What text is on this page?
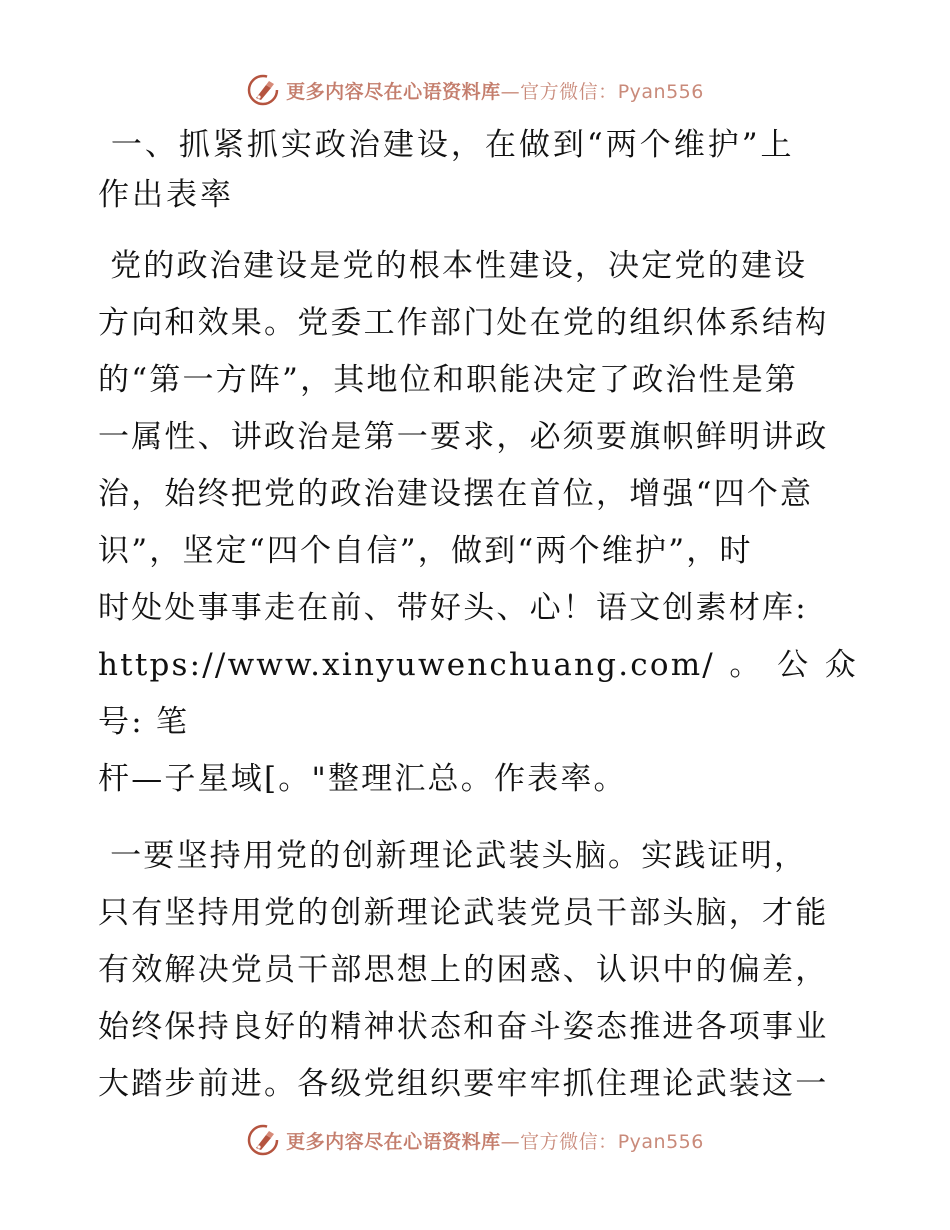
更多内容尽在心语资料库—官方微信：Pyan556

一、抓紧抓实政治建设，在做到“两个维护”上
作出表率

党的政治建设是党的根本性建设，决定党的建设
方向和效果。党委工作部门处在党的组织体系结构
的“第一方阵”，其地位和职能决定了政治性是第
一属性、讲政治是第一要求，必须要旗帜鲜明讲政
治，始终把党的政治建设摆在首位，增强“四个意
识”，坚定“四个自信”，做到“两个维护”，时
时处处事事走在前、带好头、心！语文创素材库:
https://www.xinyuwenchuang.com/。公众号: 笔
杆—子星域[。"整理汇总。作表率。

一要坚持用党的创新理论武装头脑。实践证明，
只有坚持用党的创新理论武装党员干部头脑，才能
有效解决党员干部思想上的困惑、认识中的偏差，
始终保持良好的精神状态和奋斗姿态推进各项事业
大踏步前进。各级党组织要牢牢抓住理论武装这一

更多内容尽在心语资料库—官方微信：Pyan556
